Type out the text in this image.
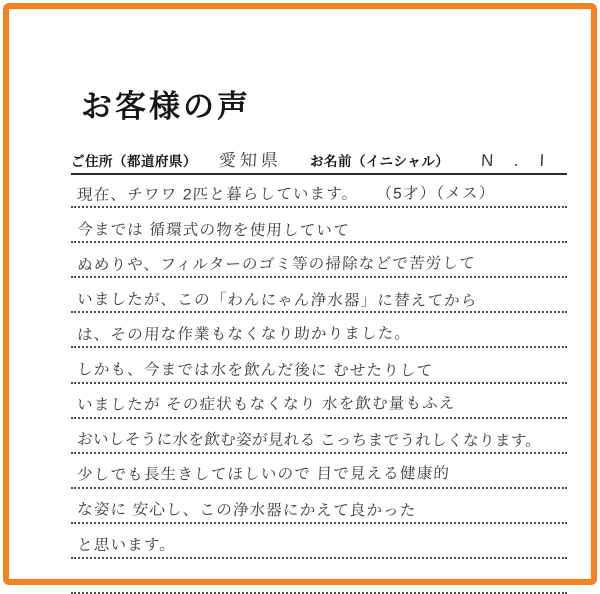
お客様の声
ご住所（都道府県） 愛知県 お名前（イニシャル） N . I
現在、チワワ 2匹と暮らしています。　　（5才）（メス）
今までは 循環式の物を使用していて
ぬめりや、フィルターのゴミ等の掃除などで苦労して
いましたが、この「わんにゃん浄水器」に替えてから
は、その用な作業もなくなり助かりました。
しかも、今までは水を飲んだ後に むせたりして
いましたが その症状もなくなり 水を飲む量もふえ
おいしそうに水を飲む姿が見れる こっちまでうれしくなります。
少しでも長生きしてほしいので 目で見える健康的
な姿に 安心し、この浄水器にかえて良かった
と思います。
